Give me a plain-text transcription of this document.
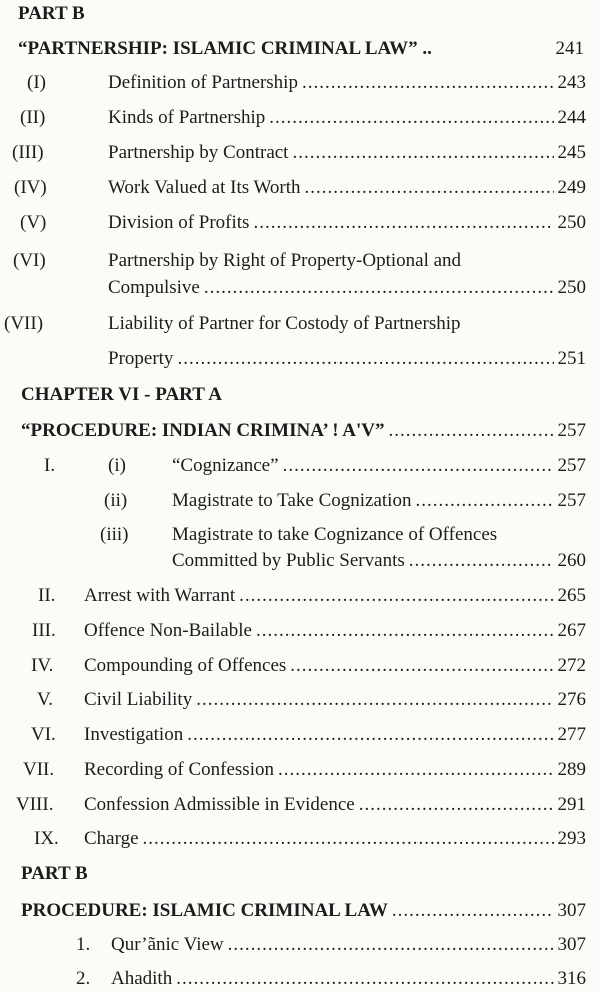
PART B
“PARTNERSHIP: ISLAMIC CRIMINAL LAW” ..	241
(I)	Definition of Partnership .....	243
(II)	Kinds of Partnership .....	244
(III)	Partnership by Contract .....	245
(IV)	Work Valued at Its Worth .....	249
(V)	Division of Profits .....	250
(VI)	Partnership by Right of Property-Optional and
Compulsive .....	250
(VII)	Liability of Partner for Costody of Partnership
Property .....	251
CHAPTER VI - PART A
“PROCEDURE: INDIAN CRIMINA’ ! A'V” .....	257
I.	(i) “Cognizance” .....	257
(ii) Magistrate to Take Cognization .....	257
(iii) Magistrate to take Cognizance of Offences
Committed by Public Servants .....	260
II. Arrest with Warrant .....	265
III. Offence Non-Bailable .....	267
IV. Compounding of Offences .....	272
V. Civil Liability .....	276
VI. Investigation .....	277
VII. Recording of Confession .....	289
VIII. Confession Admissible in Evidence .....	291
IX. Charge .....	293
PART B
PROCEDURE: ISLAMIC CRIMINAL LAW .....	307
1. Qur’ãnic View .....	307
2. Ahadith .....	316
